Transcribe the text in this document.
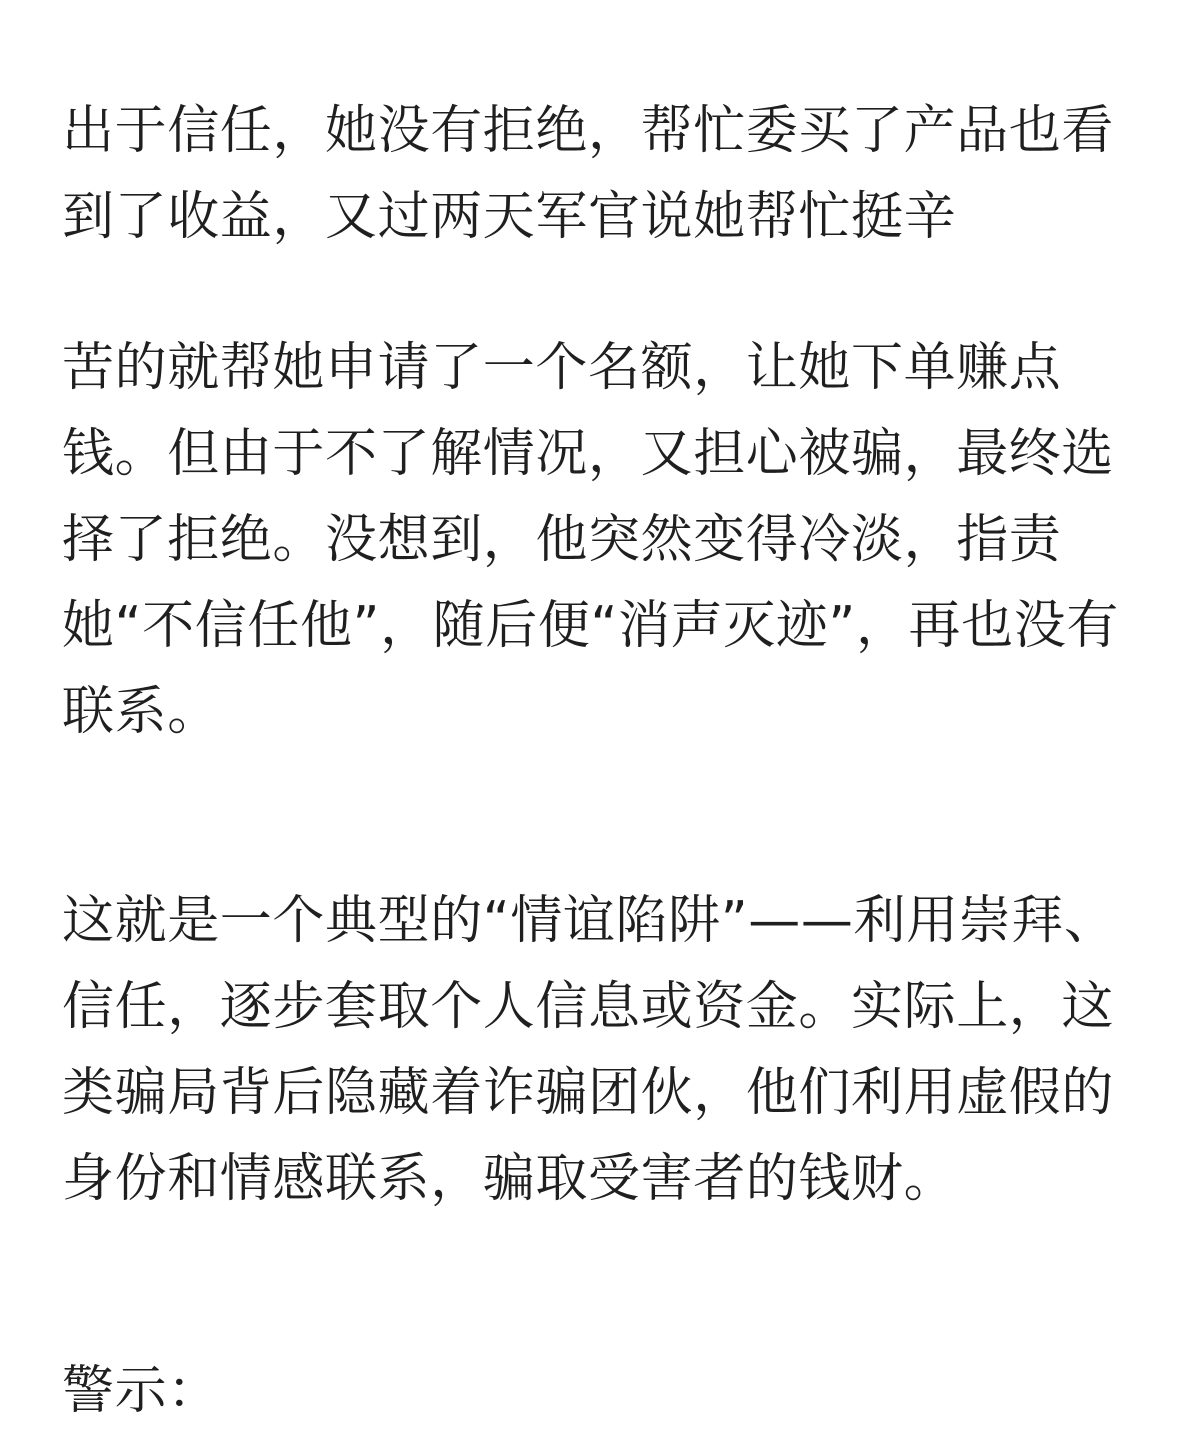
出于信任，她没有拒绝，帮忙委买了产品也看到了收益，又过两天军官说她帮忙挺辛

苦的就帮她申请了一个名额，让她下单赚点钱。但由于不了解情况，又担心被骗，最终选择了拒绝。没想到，他突然变得冷淡，指责她“不信任他”，随后便“消声灭迹”，再也没有联系。

这就是一个典型的“情谊陷阱”——利用崇拜、信任，逐步套取个人信息或资金。实际上，这类骗局背后隐藏着诈骗团伙，他们利用虚假的身份和情感联系，骗取受害者的钱财。

警示：
